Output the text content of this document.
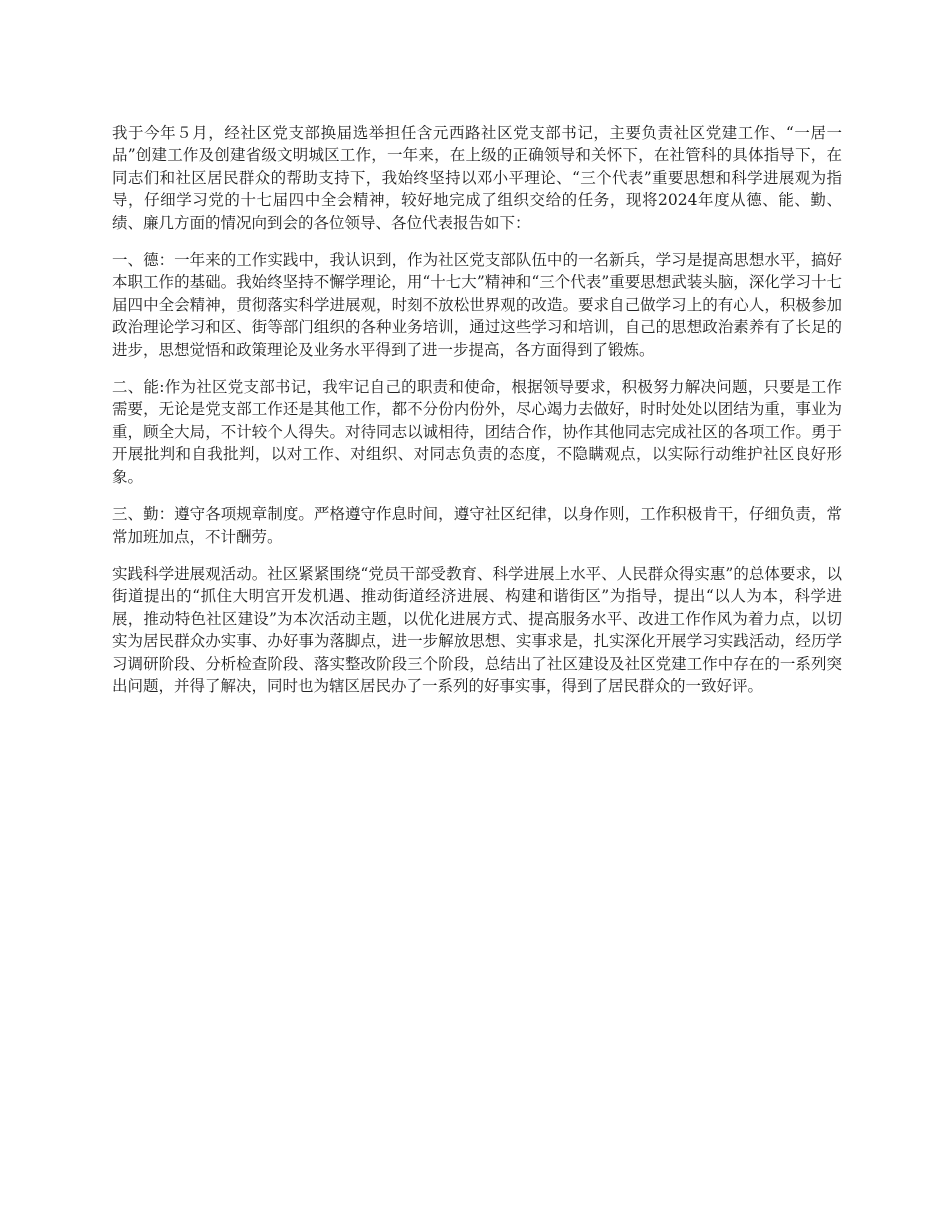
我于今年５月，经社区党支部换届选举担任含元西路社区党支部书记，主要负责社区党建工作、“一居一品”创建工作及创建省级文明城区工作，一年来，在上级的正确领导和关怀下，在社管科的具体指导下，在同志们和社区居民群众的帮助支持下，我始终坚持以邓小平理论、“三个代表”重要思想和科学进展观为指导，仔细学习党的十七届四中全会精神，较好地完成了组织交给的任务，现将2024年度从德、能、勤、绩、廉几方面的情况向到会的各位领导、各位代表报告如下：

一、德：一年来的工作实践中，我认识到，作为社区党支部队伍中的一名新兵，学习是提高思想水平，搞好本职工作的基础。我始终坚持不懈学理论，用“十七大”精神和“三个代表”重要思想武装头脑，深化学习十七届四中全会精神，贯彻落实科学进展观，时刻不放松世界观的改造。要求自己做学习上的有心人，积极参加政治理论学习和区、街等部门组织的各种业务培训，通过这些学习和培训，自己的思想政治素养有了长足的进步，思想觉悟和政策理论及业务水平得到了进一步提高，各方面得到了锻炼。

二、能:作为社区党支部书记，我牢记自己的职责和使命，根据领导要求，积极努力解决问题，只要是工作需要，无论是党支部工作还是其他工作，都不分份内份外，尽心竭力去做好，时时处处以团结为重，事业为重，顾全大局，不计较个人得失。对待同志以诚相待，团结合作，协作其他同志完成社区的各项工作。勇于开展批判和自我批判，以对工作、对组织、对同志负责的态度，不隐瞒观点，以实际行动维护社区良好形象。

三、勤：遵守各项规章制度。严格遵守作息时间，遵守社区纪律，以身作则，工作积极肯干，仔细负责，常常加班加点，不计酬劳。

实践科学进展观活动。社区紧紧围绕“党员干部受教育、科学进展上水平、人民群众得实惠”的总体要求，以街道提出的“抓住大明宫开发机遇、推动街道经济进展、构建和谐街区”为指导，提出“以人为本，科学进展，推动特色社区建设”为本次活动主题，以优化进展方式、提高服务水平、改进工作作风为着力点，以切实为居民群众办实事、办好事为落脚点，进一步解放思想、实事求是，扎实深化开展学习实践活动，经历学习调研阶段、分析检查阶段、落实整改阶段三个阶段，总结出了社区建设及社区党建工作中存在的一系列突出问题，并得了解决，同时也为辖区居民办了一系列的好事实事，得到了居民群众的一致好评。
